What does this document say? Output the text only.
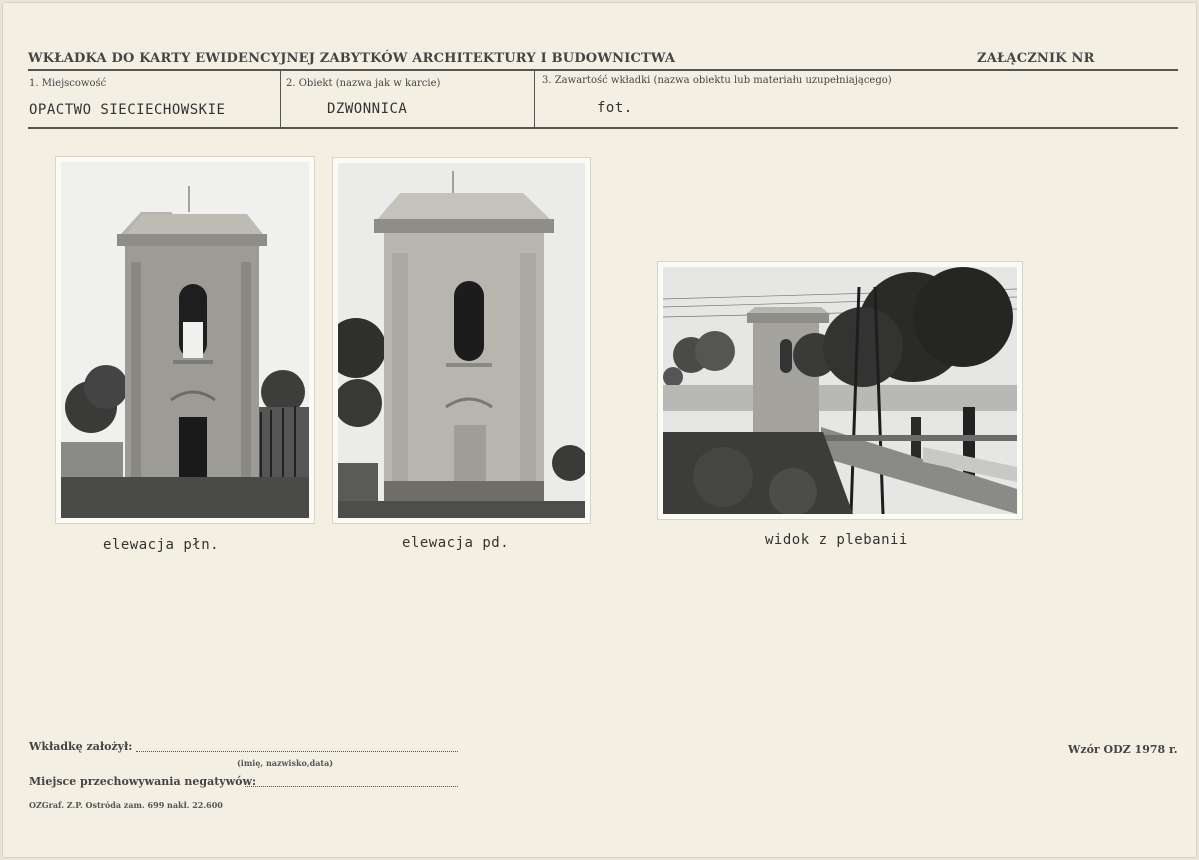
WKŁADKA DO KARTY EWIDENCYJNEJ ZABYTKÓW ARCHITEKTURY I BUDOWNICTWA	ZAŁĄCZNIK NR
1. Miejscowość
OPACTWO SIECIECHOWSKIE
2. Obiekt (nazwa jak w karcie)
DZWONNICA
3. Zawartość wkładki (nazwa obiektu lub materiału uzupełniającego)
fot.
elewacja płn.	elewacja pd.	widok z plebanii
Wkładkę założył:
(imię, nazwisko,data)
Miejsce przechowywania negatywów:
OZGraf. Z.P. Ostróda zam. 699 nakł. 22.600
Wzór ODZ 1978 r.
